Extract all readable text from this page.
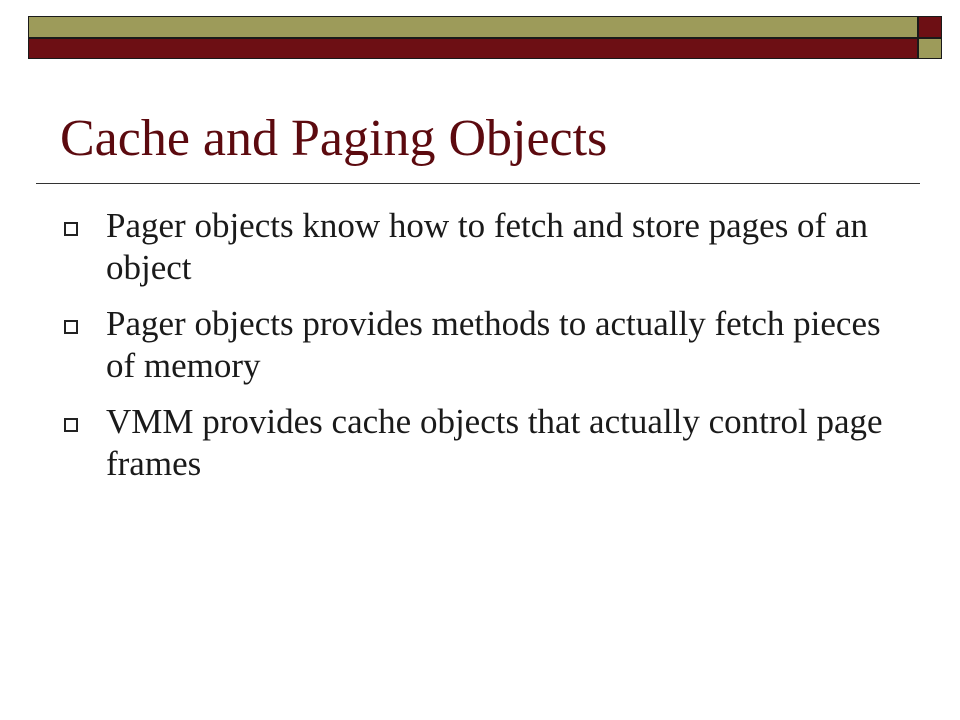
Cache and Paging Objects
Pager objects know how to fetch and store pages of an object
Pager objects provides methods to actually fetch pieces of memory
VMM provides cache objects that actually control page frames
